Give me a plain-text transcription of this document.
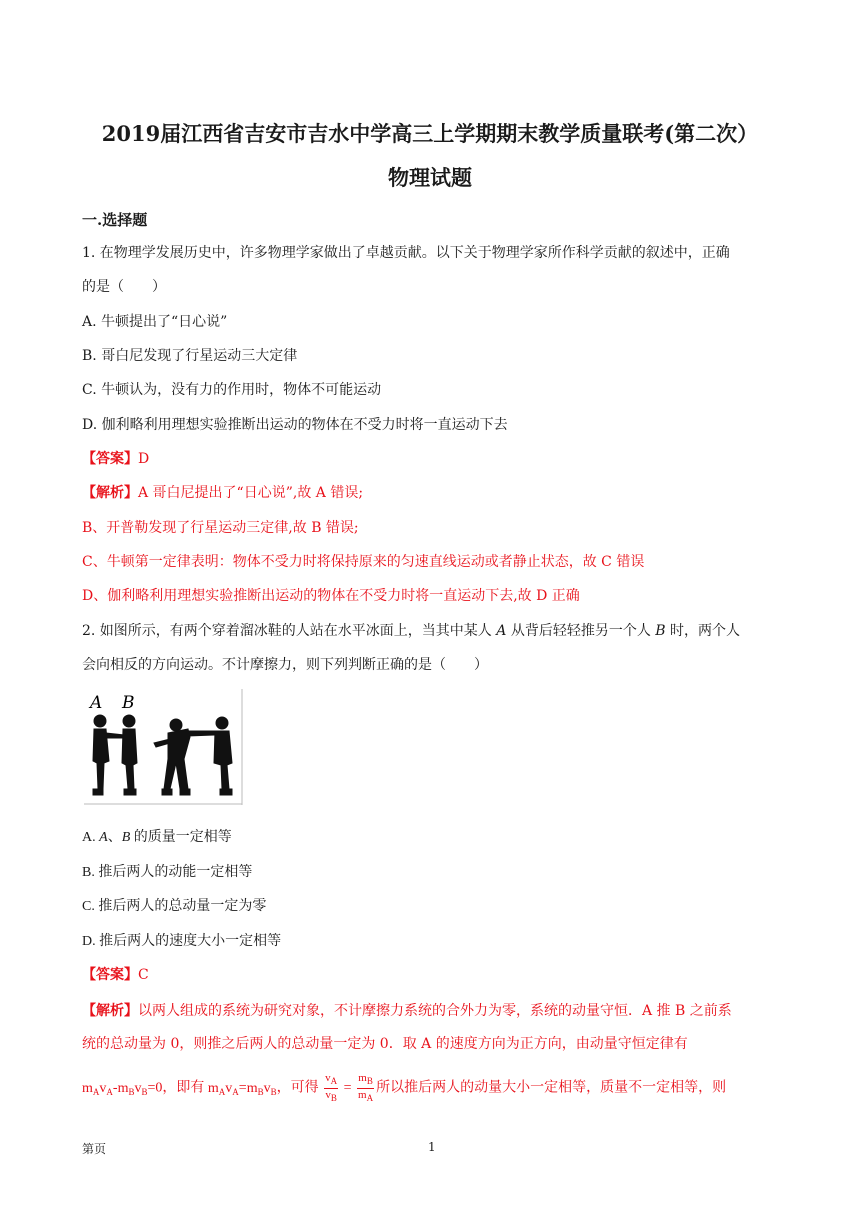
2019届江西省吉安市吉水中学高三上学期期末教学质量联考(第二次）
物理试题
一.选择题
1. 在物理学发展历史中，许多物理学家做出了卓越贡献。以下关于物理学家所作科学贡献的叙述中，正确
的是（　　）
A. 牛顿提出了“日心说”
B. 哥白尼发现了行星运动三大定律
C. 牛顿认为，没有力的作用时，物体不可能运动
D. 伽利略利用理想实验推断出运动的物体在不受力时将一直运动下去
【答案】D
【解析】A 哥白尼提出了“日心说”,故 A 错误;
B、开普勒发现了行星运动三定律,故 B 错误;
C、牛顿第一定律表明：物体不受力时将保持原来的匀速直线运动或者静止状态，故 C 错误
D、伽利略利用理想实验推断出运动的物体在不受力时将一直运动下去,故 D 正确
2. 如图所示，有两个穿着溜冰鞋的人站在水平冰面上，当其中某人 A 从背后轻轻推另一个人 B 时，两个人
会向相反的方向运动。不计摩擦力，则下列判断正确的是（　　）
A B
A. A、B 的质量一定相等
B. 推后两人的动能一定相等
C. 推后两人的总动量一定为零
D. 推后两人的速度大小一定相等
【答案】C
【解析】以两人组成的系统为研究对象，不计摩擦力系统的合外力为零，系统的动量守恒．A 推 B 之前系
统的总动量为 0，则推之后两人的总动量一定为 0．取 A 的速度方向为正方向，由动量守恒定律有
$m_Av_A-m_Bv_B=0$，即有 $m_Av_A=m_Bv_B$，可得 $\frac{v_A}{v_B} = \frac{m_B}{m_A}$ 所以推后两人的动量大小一定相等，质量不一定相等，则
第页	1
